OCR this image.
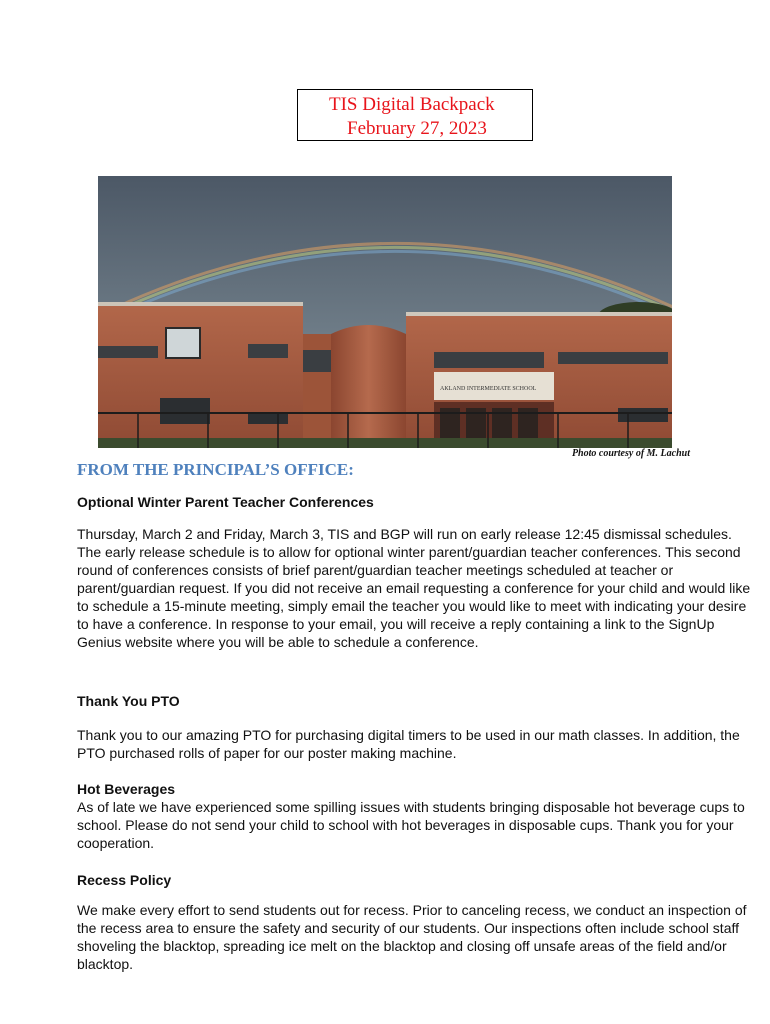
TIS Digital Backpack
February 27, 2023
AKLAND INTERMEDIATE SCHOOL
Photo courtesy of M. Lachut
FROM THE PRINCIPAL’S OFFICE:

Optional Winter Parent Teacher Conferences

Thursday, March 2 and Friday, March 3, TIS and BGP will run on early release 12:45 dismissal schedules. The early release schedule is to allow for optional winter parent/guardian teacher conferences. This second round of conferences consists of brief parent/guardian teacher meetings scheduled at teacher or parent/guardian request. If you did not receive an email requesting a conference for your child and would like to schedule a 15-minute meeting, simply email the teacher you would like to meet with indicating your desire to have a conference. In response to your email, you will receive a reply containing a link to the SignUp Genius website where you will be able to schedule a conference.

Thank You PTO

Thank you to our amazing PTO for purchasing digital timers to be used in our math classes. In addition, the PTO purchased rolls of paper for our poster making machine.

Hot Beverages

As of late we have experienced some spilling issues with students bringing disposable hot beverage cups to school. Please do not send your child to school with hot beverages in disposable cups. Thank you for your cooperation.

Recess Policy

We make every effort to send students out for recess. Prior to canceling recess, we conduct an inspection of the recess area to ensure the safety and security of our students. Our inspections often include school staff shoveling the blacktop, spreading ice melt on the blacktop and closing off unsafe areas of the field and/or blacktop.
